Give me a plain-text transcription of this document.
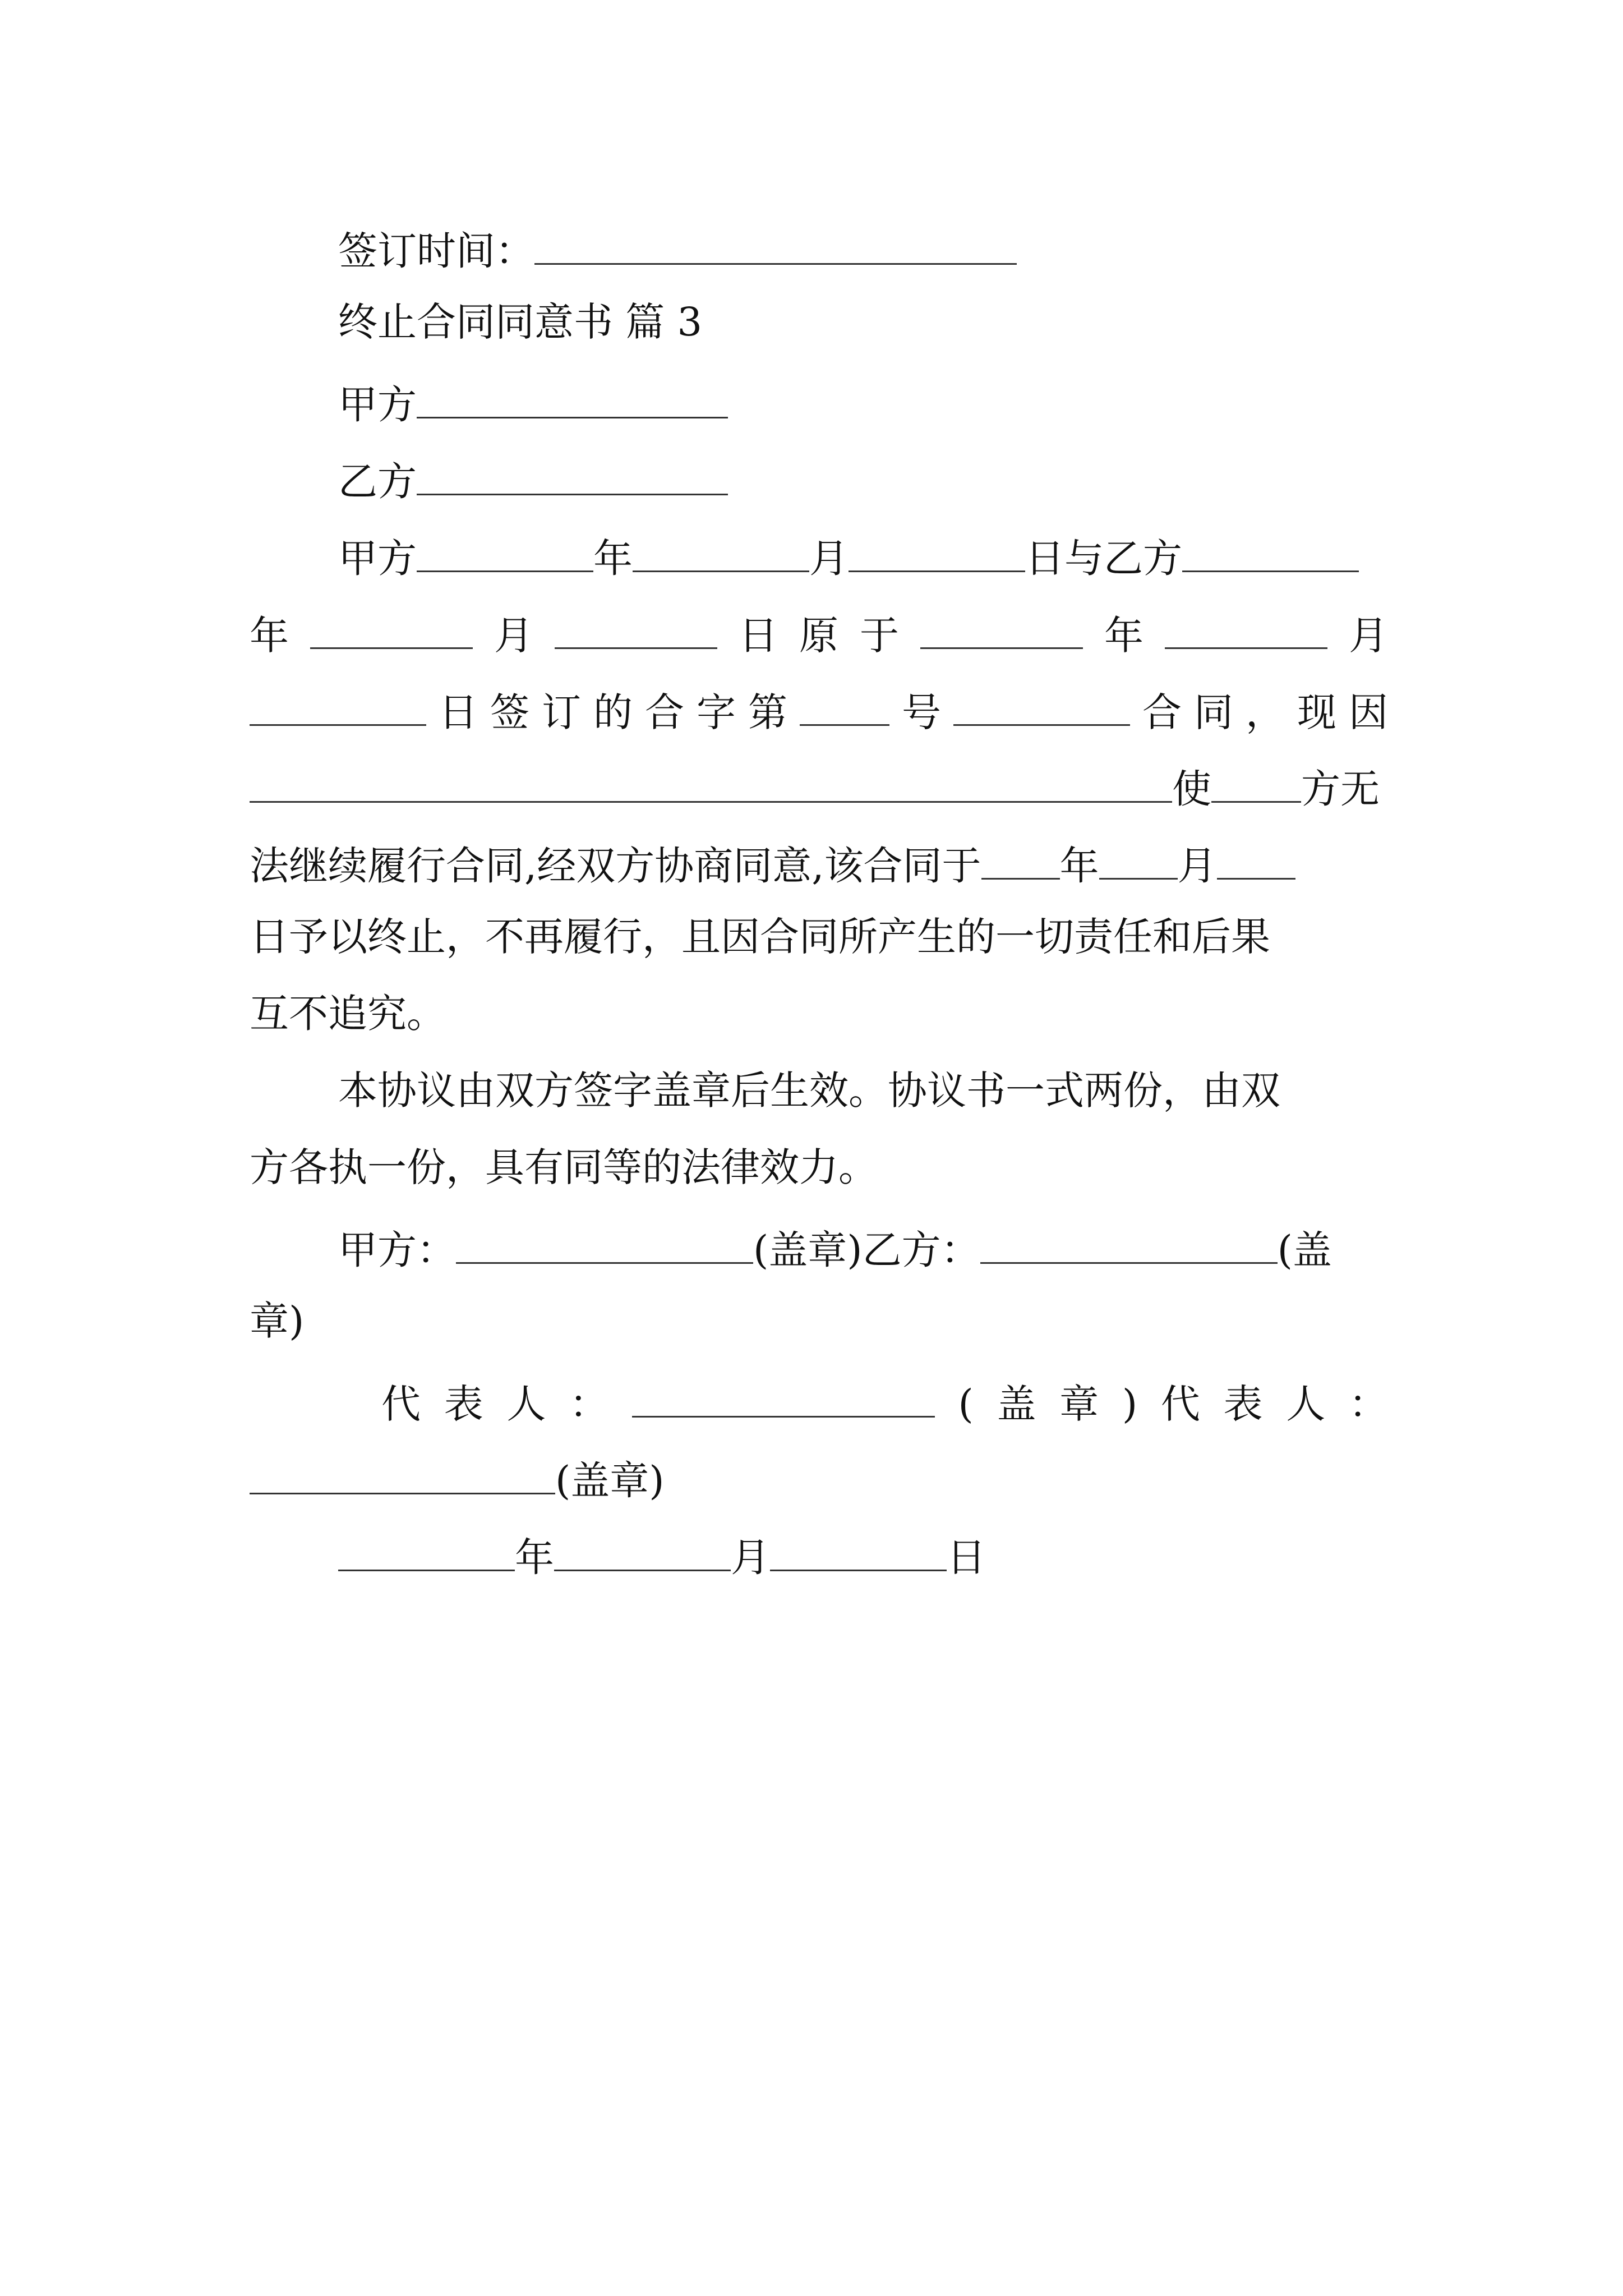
签订时间：
终止合同同意书 篇 3
甲方
乙方
甲方	年	月	日与乙方
年	月	日 原 于	年	月
日 签 订 的 合 字 第	号	合 同 ， 现 因
使 方无
法继续履行合同,经双方协商同意,该合同于 年 月
日予以终止，不再履行，且因合同所产生的一切责任和后果
互不追究。
本协议由双方签字盖章后生效。协议书一式两份，由双
方各执一份，具有同等的法律效力。
甲方：	(盖章)乙方：	(盖
章)
代 表 人 ：	( 盖 章 ) 代 表 人 ：
(盖章)
年	月	日
